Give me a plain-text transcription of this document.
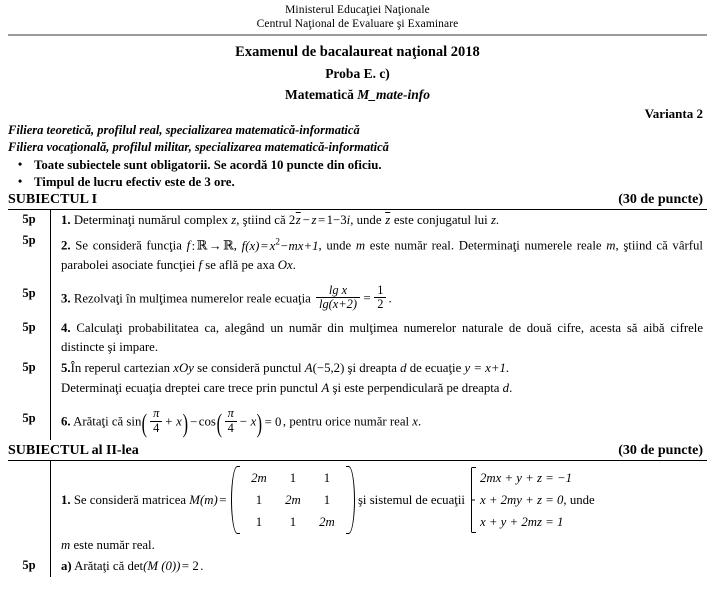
Ministerul Educaţiei Naţionale
Centrul Naţional de Evaluare şi Examinare
Examenul de bacalaureat naţional 2018
Proba E. c)
Matematică M_mate-info
Varianta 2
Filiera teoretică, profilul real, specializarea matematică-informatică
Filiera vocaţională, profilul militar, specializarea matematică-informatică
• Toate subiectele sunt obligatorii. Se acordă 10 puncte din oficiu.
• Timpul de lucru efectiv este de 3 ore.
SUBIECTUL I	(30 de puncte)
5p	1. Determinaţi numărul complex z, ştiind că $2\overline{z} - z = 1-3i$, unde $\overline{z}$ este conjugatul lui z.

5p	2. Se consideră funcţia f : ℝ → ℝ, $f(x) = x^2-mx+1$, unde m este număr real. Determinaţi numerele reale m, ştiind că vârful parabolei asociate funcţiei f se află pe axa Ox.

5p	3. Rezolvaţi în mulţimea numerelor reale ecuaţia $\frac{\text{lg x}}{\lg(x+2)} = \frac{1}{2}$ .

5p	4. Calculaţi probabilitatea ca, alegând un număr din mulţimea numerelor naturale de două cifre, acesta să aibă cifrele distincte şi impare.

5p	5.În reperul cartezian xOy se consideră punctul A(−5,2) şi dreapta d de ecuaţie y = x+1.

Determinaţi ecuaţia dreptei care trece prin punctul A şi este perpendiculară pe dreapta d.

5p	6. Arătaţi că $\sin( \frac{\pi}{4} + x) - \cos( \frac{\pi}{4} - x) = 0$ , pentru orice număr real x.

SUBIECTUL al II-lea	(30 de puncte)
1. Se consideră matricea M(m) =
2m	1	1
1	2m	1
1	1	2m
şi sistemul de ecuaţii
2mx + y + z = −1
x + 2my + z = 0, unde
x + y + 2mz = 1

m este număr real.

5p	a) Arătaţi că det(M (0)) = 2 .
